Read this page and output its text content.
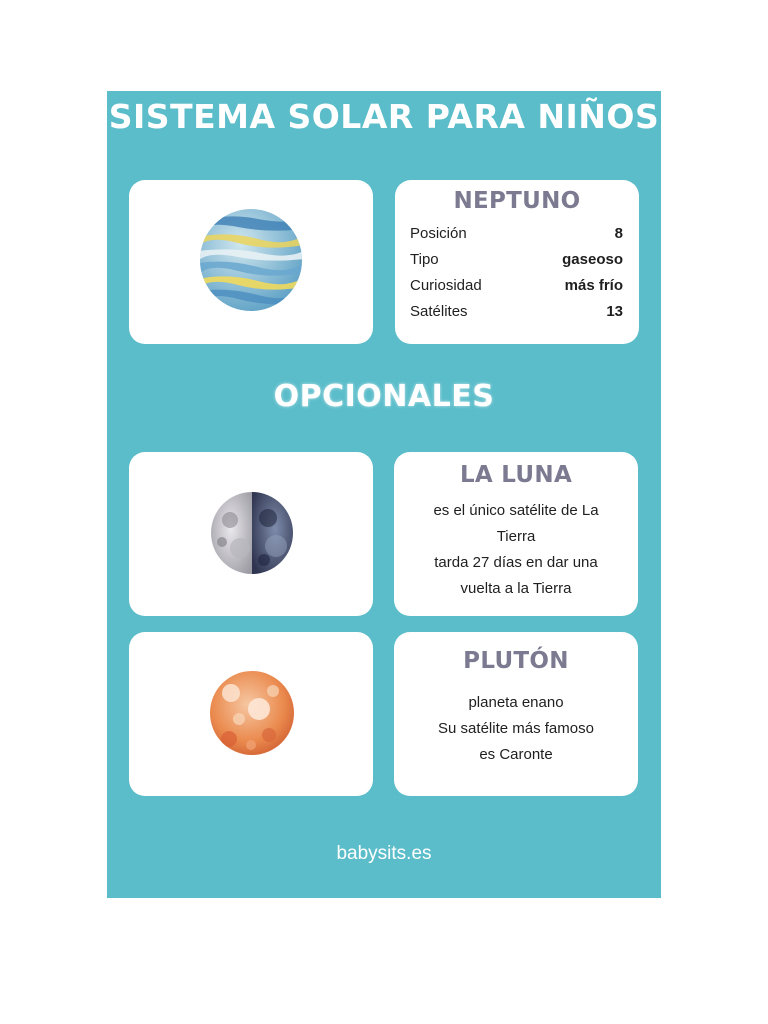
SISTEMA SOLAR PARA NIÑOS
NEPTUNO
Posición	8
Tipo	gaseoso
Curiosidad	más frío
Satélites	13
OPCIONALES
LA LUNA
es el único satélite de La
Tierra
tarda 27 días en dar una
vuelta a la Tierra
PLUTÓN
planeta enano
Su satélite más famoso
es Caronte
babysits.es
